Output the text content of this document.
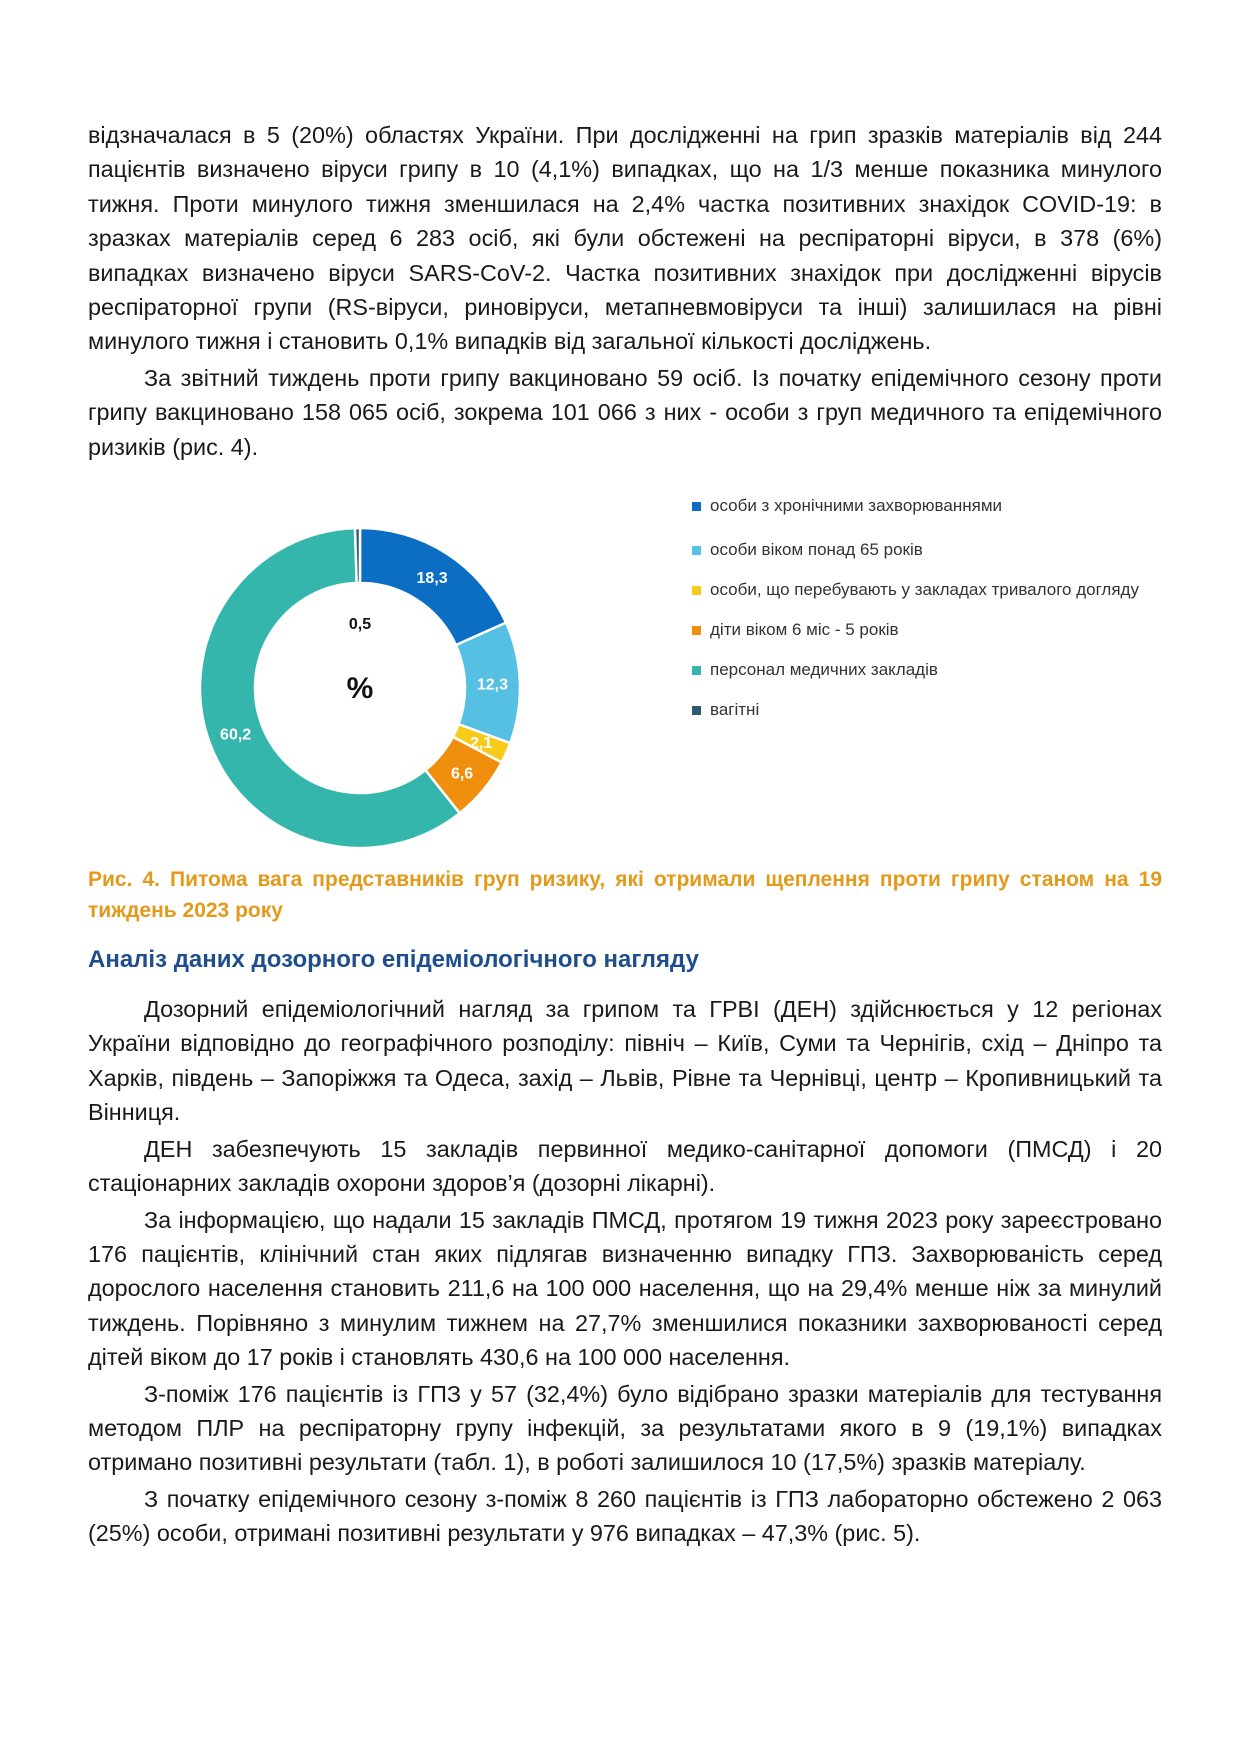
відзначалася в 5 (20%) областях України. При дослідженні на грип зразків матеріалів від 244 пацієнтів визначено віруси грипу в 10 (4,1%) випадках, що на 1/3 менше показника минулого тижня. Проти минулого тижня зменшилася на 2,4% частка позитивних знахідок COVID-19: в зразках матеріалів серед 6 283 осіб, які були обстежені на респіраторні віруси, в 378 (6%) випадках визначено віруси SARS-CoV-2. Частка позитивних знахідок при дослідженні вірусів респіраторної групи (RS-віруси, риновіруси, метапневмовіруси та інші) залишилася на рівні минулого тижня і становить 0,1% випадків від загальної кількості досліджень.

За звітний тиждень проти грипу вакциновано 59 осіб. Із початку епідемічного сезону проти грипу вакциновано 158 065 осіб, зокрема 101 066 з них - особи з груп медичного та епідемічного ризиків (рис. 4).

18,3
12,3
2,1
6,6
60,2
0,5
%
особи з хронічними захворюваннями
особи віком понад 65 років
особи, що перебувають у закладах тривалого догляду
діти віком 6 міс - 5 років
персонал медичних закладів
вагітні

Рис. 4. Питома вага представників груп ризику, які отримали щеплення проти грипу станом на 19 тиждень 2023 року

Аналіз даних дозорного епідеміологічного нагляду

Дозорний епідеміологічний нагляд за грипом та ГРВІ (ДЕН) здійснюється у 12 регіонах України відповідно до географічного розподілу: північ – Київ, Суми та Чернігів, схід – Дніпро та Харків, південь – Запоріжжя та Одеса, захід – Львів, Рівне та Чернівці, центр – Кропивницький та Вінниця.

ДЕН забезпечують 15 закладів первинної медико-санітарної допомоги (ПМСД) і 20 стаціонарних закладів охорони здоров’я (дозорні лікарні).

За інформацією, що надали 15 закладів ПМСД, протягом 19 тижня 2023 року зареєстровано 176 пацієнтів, клінічний стан яких підлягав визначенню випадку ГПЗ. Захворюваність серед дорослого населення становить 211,6 на 100 000 населення, що на 29,4% менше ніж за минулий тиждень. Порівняно з минулим тижнем на 27,7% зменшилися показники захворюваності серед дітей віком до 17 років і становлять 430,6 на 100 000 населення.

З-поміж 176 пацієнтів із ГПЗ у 57 (32,4%) було відібрано зразки матеріалів для тестування методом ПЛР на респіраторну групу інфекцій, за результатами якого в 9 (19,1%) випадках отримано позитивні результати (табл. 1), в роботі залишилося 10 (17,5%) зразків матеріалу.

З початку епідемічного сезону з-поміж 8 260 пацієнтів із ГПЗ лабораторно обстежено 2 063 (25%) особи, отримані позитивні результати у 976 випадках – 47,3% (рис. 5).
